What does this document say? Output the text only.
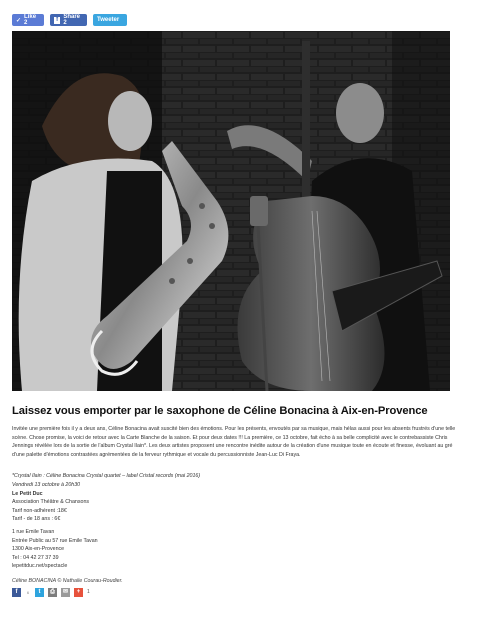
✓
Like 2
f Share 2	Tweeter
Laissez vous emporter par le saxophone de Céline Bonacina à Aix-en-Provence

Invitée une première fois il y a deux ans, Céline Bonacina avait suscité bien des émotions. Pour les présents, envoutés par sa musique, mais hélas aussi pour les absents frustrés d'une telle scène. Chose promise, la voici de retour avec la Carte Blanche de la saison. Et pour deux dates !!! La première, ce 13 octobre, fait écho à sa belle complicité avec le contrebassiste Chris Jennings révélée lors de la sortie de l'album Crystal Ilain*. Les deux artistes proposent une rencontre inédite autour de la création d'une musique toute en écoute et finesse, évoluant au gré d'une palette d'émotions contrastées agrémentées de la ferveur rythmique et vocale du percussionniste Jean-Luc Di Fraya.

*Crystal Ilain : Céline Bonacina Crystal quartet – label Cristal records (mai 2016)
Vendredi 13 octobre à 20h30
Le Petit Duc
Association Théâtre & Chansons
Tarif non-adhérent :18€
Tarif - de 18 ans : 6€
1 rue Emile Tavan
Entrée Public au 57 rue Emile Tavan
1300 Aix-en-Provence
Tel : 04 42 27 37 39
lepetitduc.net/spectacle
Céline BONACINA © Nathalie Courau-Roudier.
f	6	t	⎙	✉	+	1
